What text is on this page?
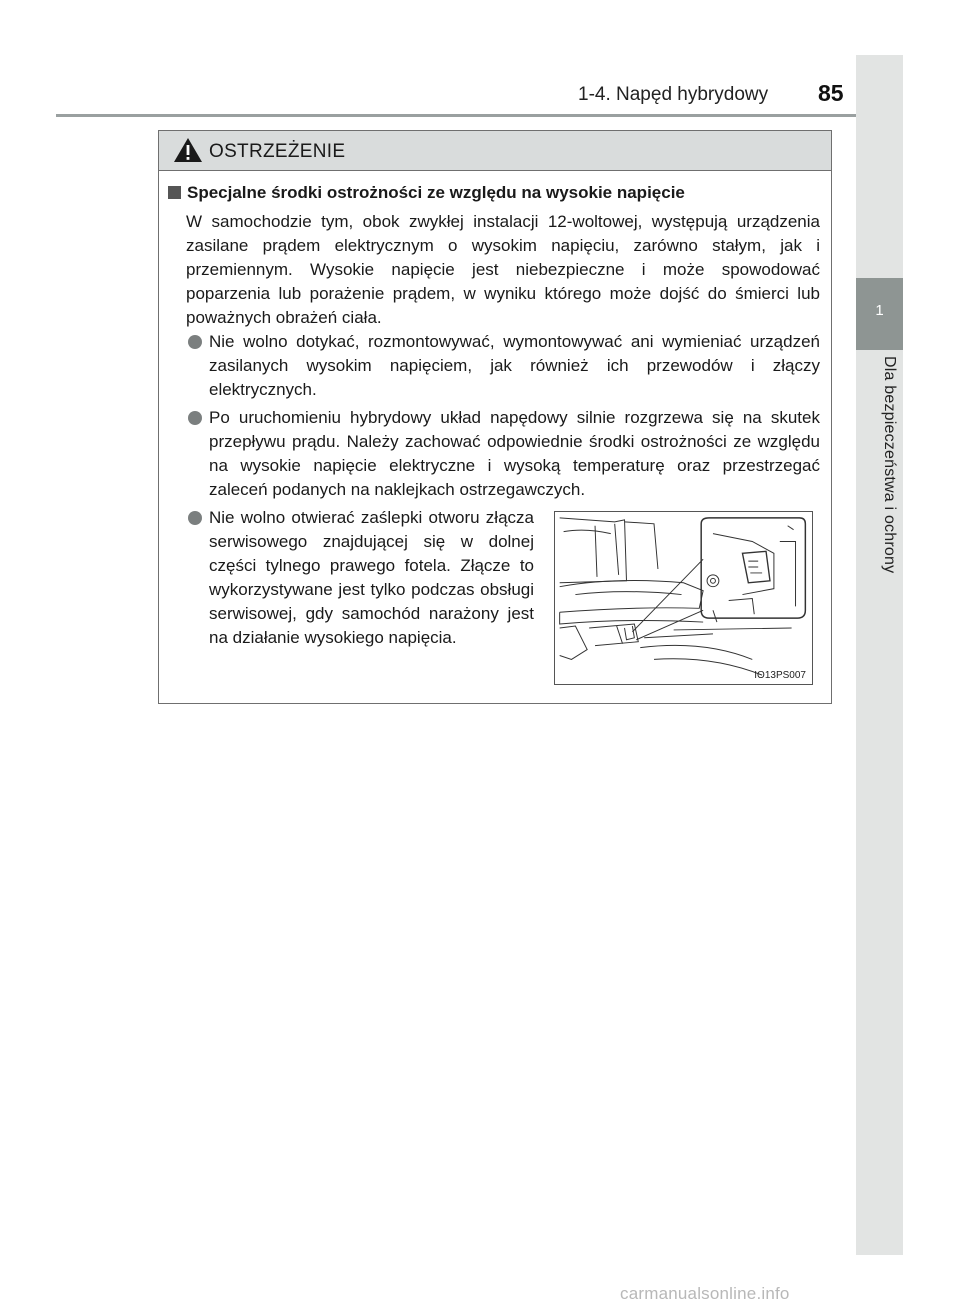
1-4. Napęd hybrydowy 85
1
Dla bezpieczeństwa i ochrony
OSTRZEŻENIE
Specjalne środki ostrożności ze względu na wysokie napięcie

W samochodzie tym, obok zwykłej instalacji 12-woltowej, występują urządzenia zasilane prądem elektrycznym o wysokim napięciu, zarówno stałym, jak i przemiennym. Wysokie napięcie jest niebezpieczne i może spowodować poparzenia lub porażenie prądem, w wyniku którego może dojść do śmierci lub poważnych obrażeń ciała.

Nie wolno dotykać, rozmontowywać, wymontowywać ani wymieniać urządzeń zasilanych wysokim napięciem, jak również ich przewodów i złączy elektrycznych.

Po uruchomieniu hybrydowy układ napędowy silnie rozgrzewa się na skutek przepływu prądu. Należy zachować odpowiednie środki ostrożności ze względu na wysokie napięcie elektryczne i wysoką temperaturę oraz przestrzegać zaleceń podanych na naklejkach ostrzegawczych.

Nie wolno otwierać zaślepki otworu złącza serwisowego znajdującej się w dolnej części tylnego prawego fotela. Złącze to wykorzystywane jest tylko podczas obsługi serwisowej, gdy samochód narażony jest na działanie wysokiego napięcia.

IO13PS007
carmanualsonline.info
